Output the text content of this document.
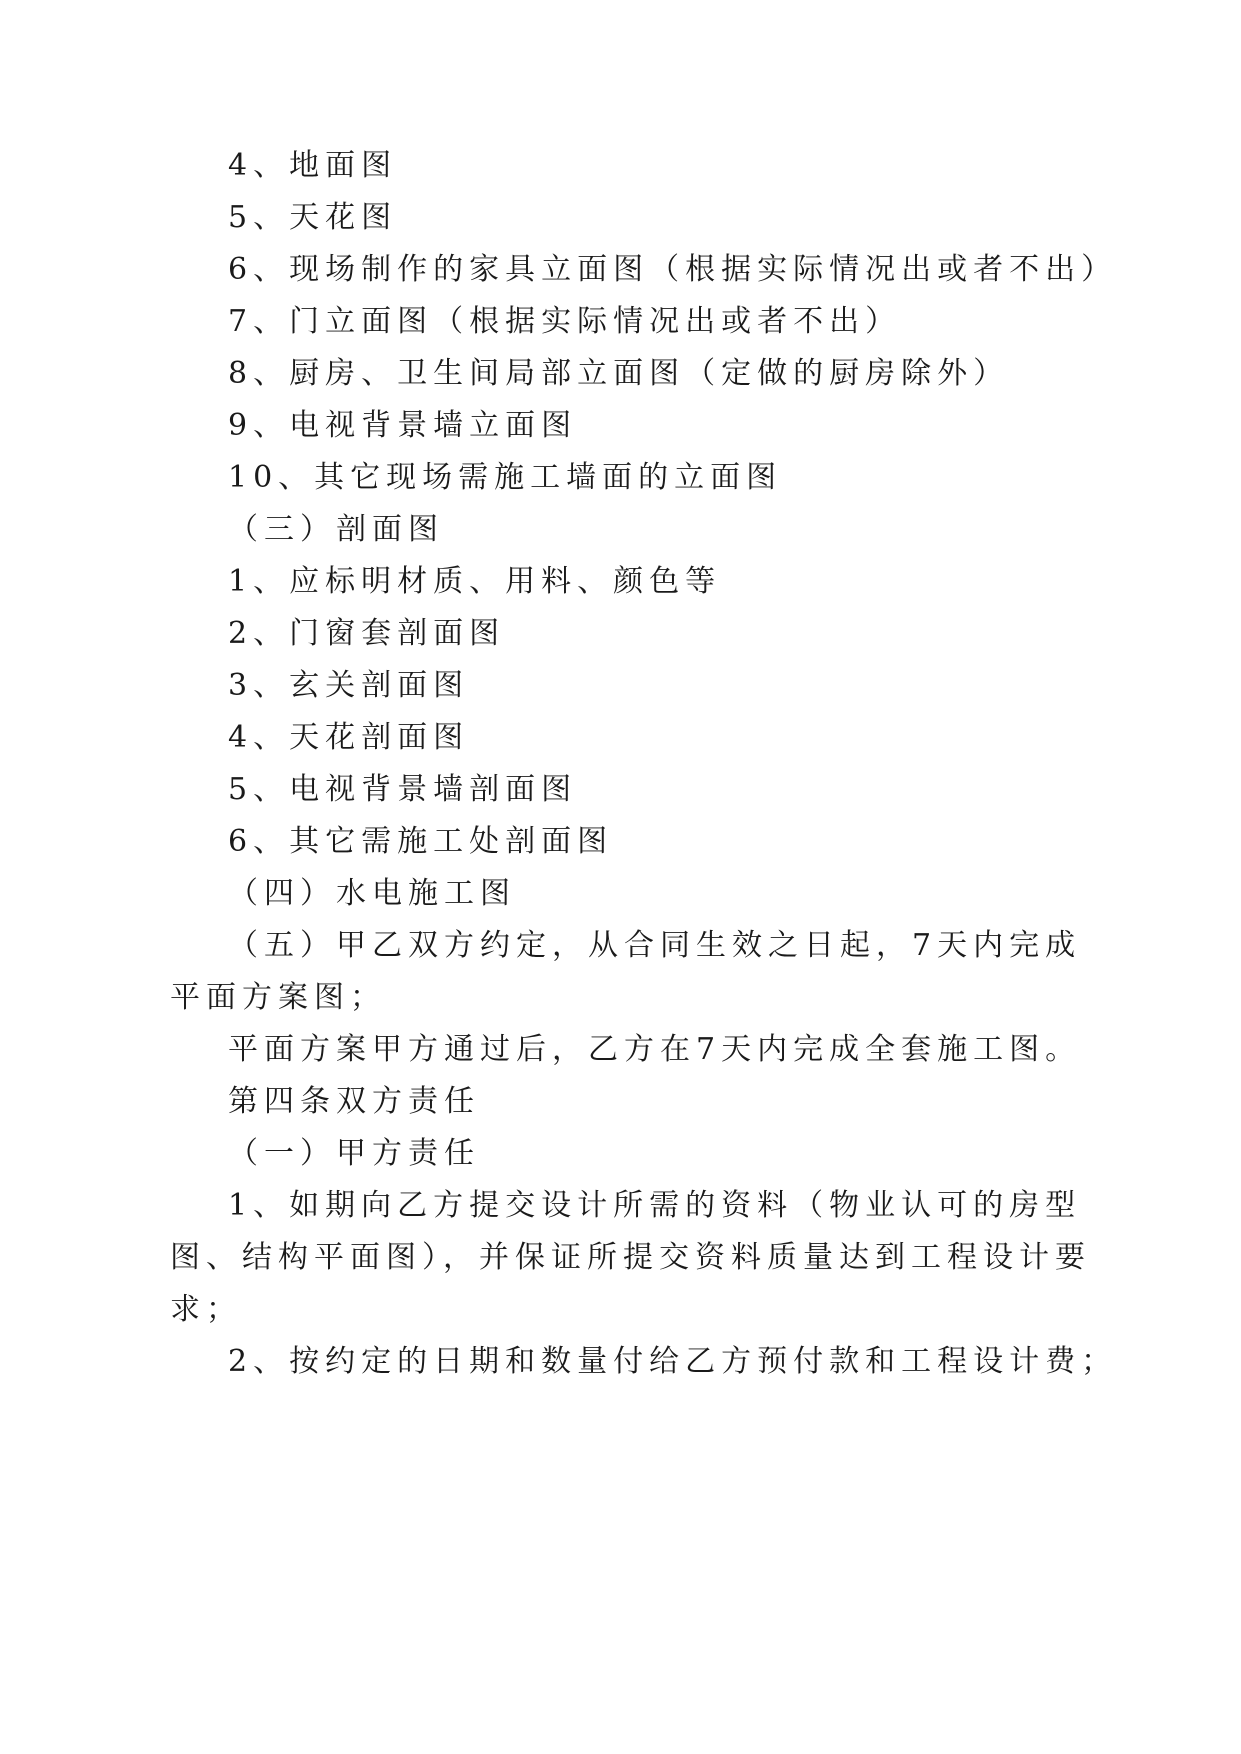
4、地面图
5、天花图
6、现场制作的家具立面图（根据实际情况出或者不出）
7、门立面图（根据实际情况出或者不出）
8、厨房、卫生间局部立面图（定做的厨房除外）
9、电视背景墙立面图
10、其它现场需施工墙面的立面图
（三）剖面图
1、应标明材质、用料、颜色等
2、门窗套剖面图
3、玄关剖面图
4、天花剖面图
5、电视背景墙剖面图
6、其它需施工处剖面图
（四）水电施工图
（五）甲乙双方约定，从合同生效之日起，7天内完成
平面方案图；
平面方案甲方通过后，乙方在7天内完成全套施工图。
第四条双方责任
（一）甲方责任
1、如期向乙方提交设计所需的资料（物业认可的房型
图、结构平面图），并保证所提交资料质量达到工程设计要
求；
2、按约定的日期和数量付给乙方预付款和工程设计费；
